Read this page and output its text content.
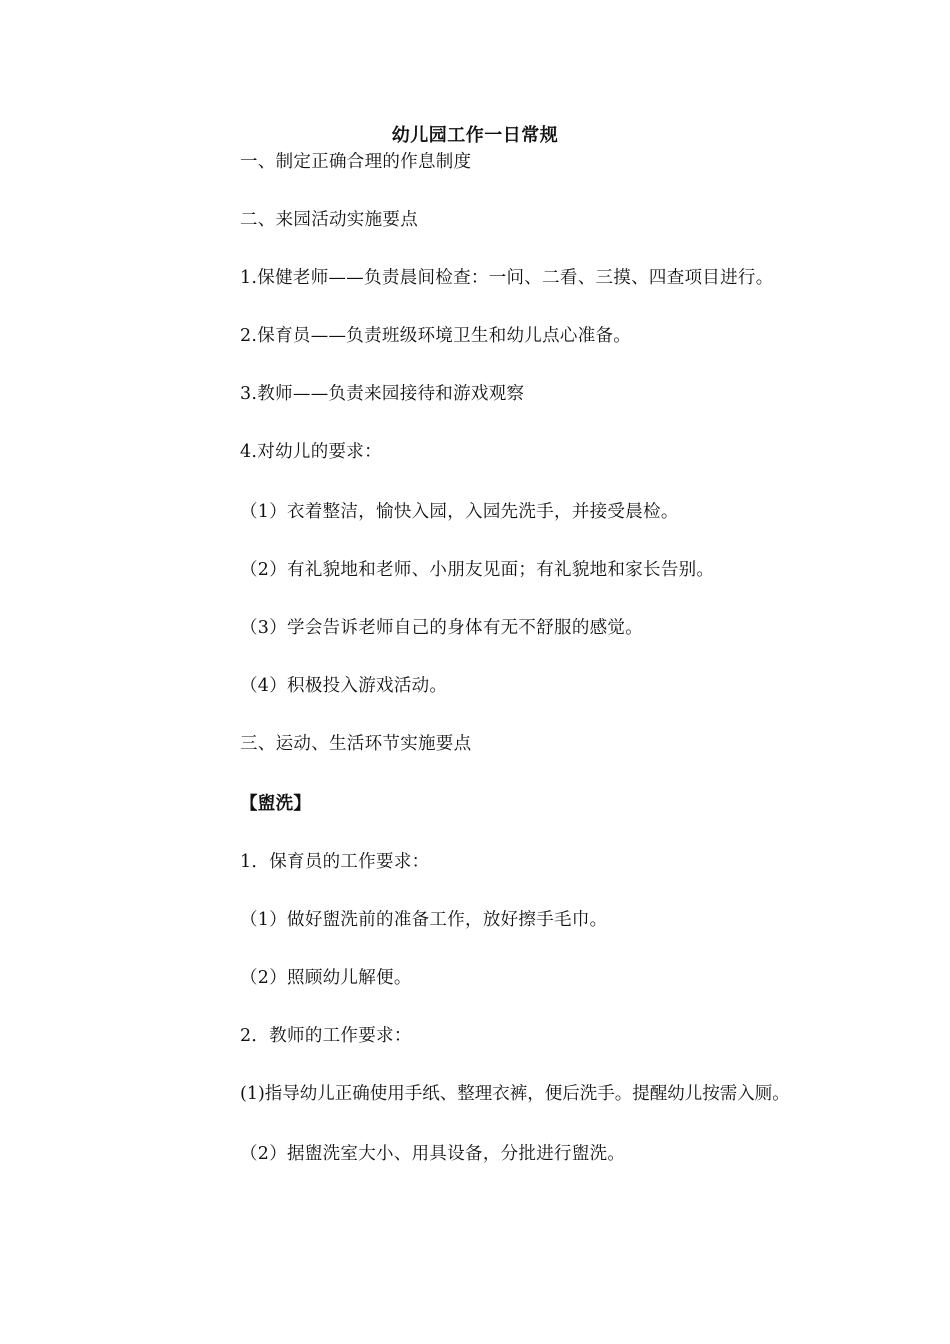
幼儿园工作一日常规
一、制定正确合理的作息制度
二、来园活动实施要点
1.保健老师——负责晨间检查：一问、二看、三摸、四查项目进行。
2.保育员——负责班级环境卫生和幼儿点心准备。
3.教师——负责来园接待和游戏观察
4.对幼儿的要求：
（1）衣着整洁，愉快入园，入园先洗手，并接受晨检。
（2）有礼貌地和老师、小朋友见面；有礼貌地和家长告别。
（3）学会告诉老师自己的身体有无不舒服的感觉。
（4）积极投入游戏活动。
三、运动、生活环节实施要点
【盥洗】
1．保育员的工作要求：
（1）做好盥洗前的准备工作，放好擦手毛巾。
（2）照顾幼儿解便。
2．教师的工作要求：
(1)指导幼儿正确使用手纸、整理衣裤，便后洗手。提醒幼儿按需入厕。
（2）据盥洗室大小、用具设备，分批进行盥洗。
